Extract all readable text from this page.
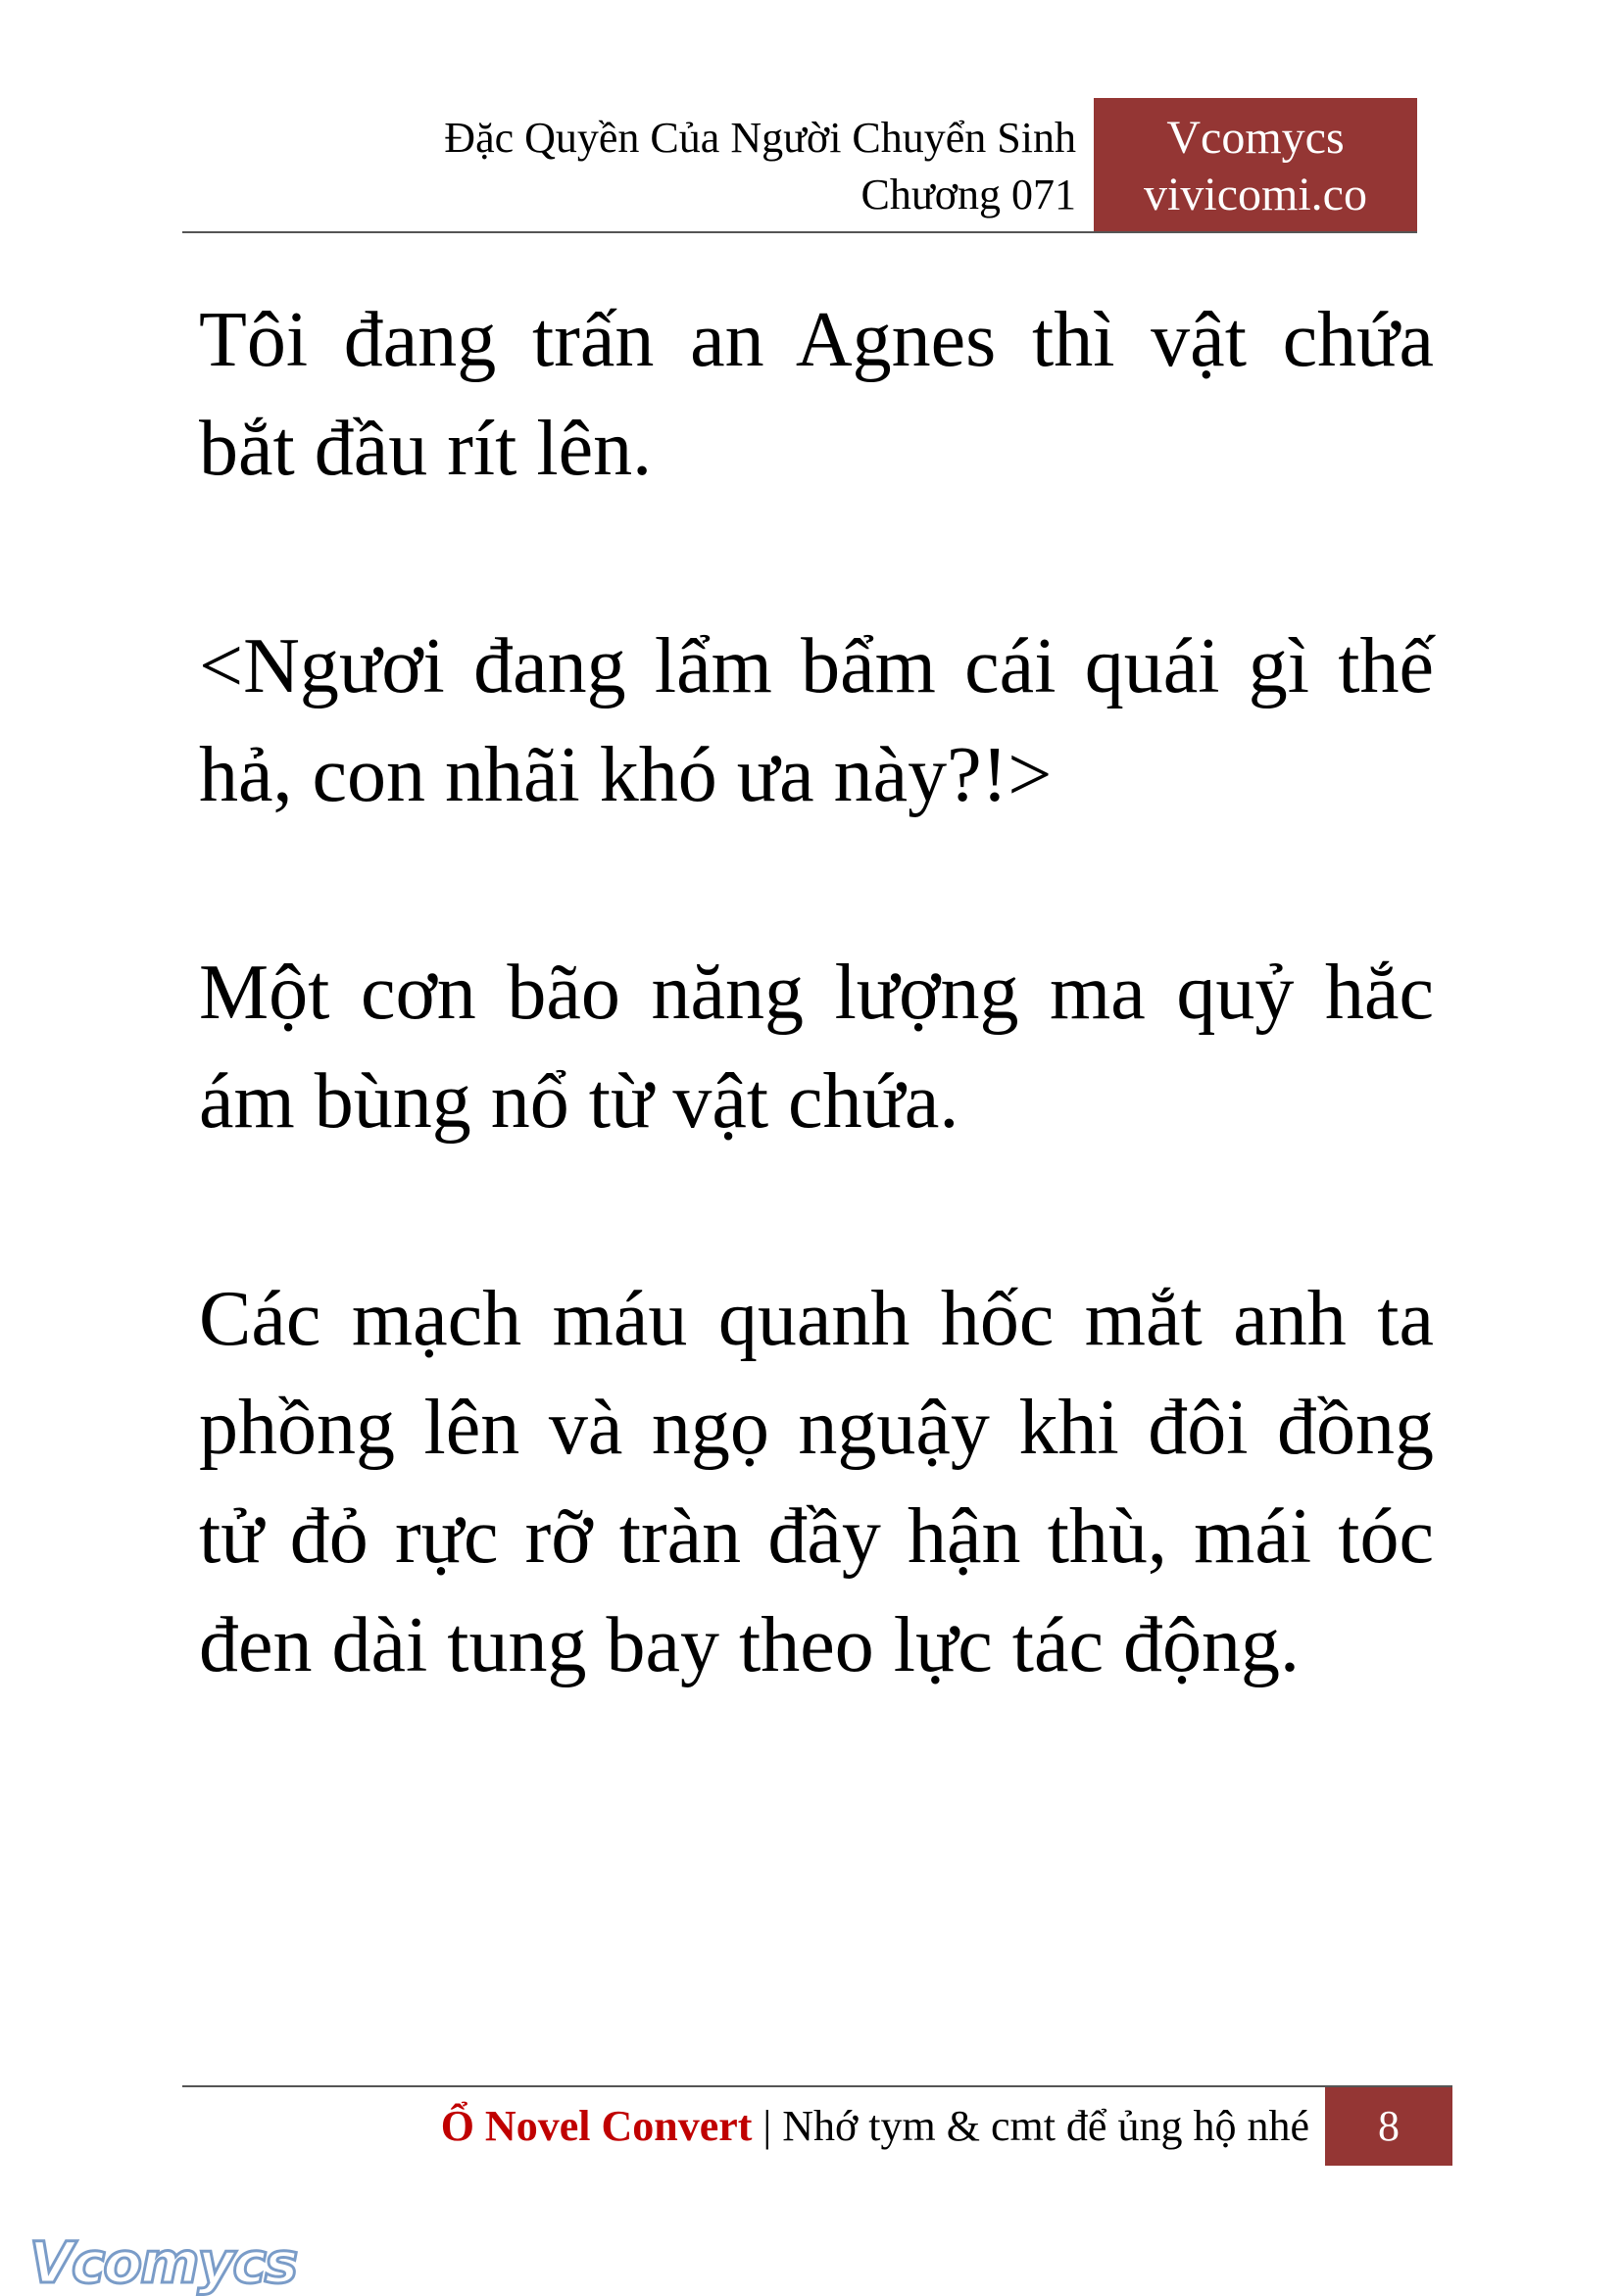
Đặc Quyền Của Người Chuyển Sinh
Chương 071
Vcomycs
vivicomi.co

Tôi đang trấn an Agnes thì vật chứa bắt đầu rít lên.

<Ngươi đang lẩm bẩm cái quái gì thế hả, con nhãi khó ưa này?!>

Một cơn bão năng lượng ma quỷ hắc ám bùng nổ từ vật chứa.

Các mạch máu quanh hốc mắt anh ta phồng lên và ngọ nguậy khi đôi đồng tử đỏ rực rỡ tràn đầy hận thù, mái tóc đen dài tung bay theo lực tác động.

Ổ Novel Convert | Nhớ tym & cmt để ủng hộ nhé	8
Vcomycs
